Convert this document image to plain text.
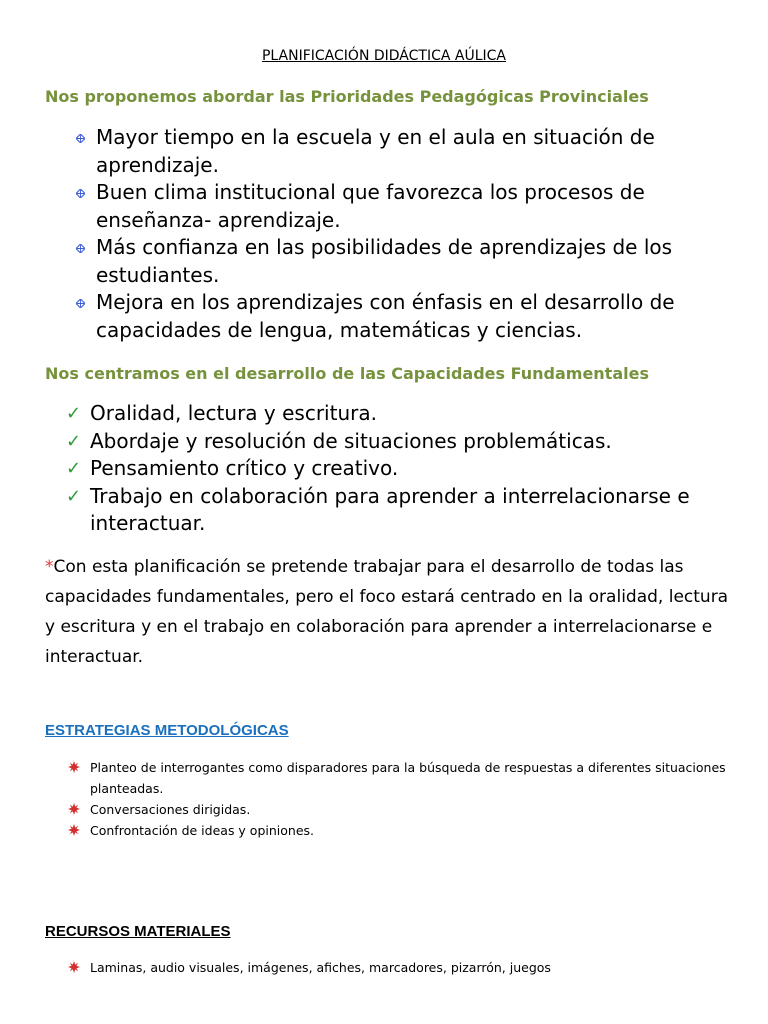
PLANIFICACIÓN DIDÁCTICA AÚLICA
Nos proponemos abordar las Prioridades Pedagógicas Provinciales
Mayor tiempo en la escuela y en el aula en situación de aprendizaje.
Buen clima institucional que favorezca los procesos de enseñanza- aprendizaje.
Más confianza en las posibilidades de aprendizajes de los estudiantes.
Mejora en los aprendizajes con énfasis en el desarrollo de capacidades de lengua, matemáticas y ciencias.
Nos centramos en el desarrollo de las Capacidades Fundamentales
✓ Oralidad, lectura y escritura.
✓ Abordaje y resolución de situaciones problemáticas.
✓ Pensamiento crítico y creativo.
✓ Trabajo en colaboración para aprender a interrelacionarse e interactuar.
*Con esta planificación se pretende trabajar para el desarrollo de todas las capacidades fundamentales, pero el foco estará centrado en la oralidad, lectura y escritura y en el trabajo en colaboración para aprender a interrelacionarse e interactuar.
ESTRATEGIAS METODOLÓGICAS
Planteo de interrogantes como disparadores para la búsqueda de respuestas a diferentes situaciones planteadas.
Conversaciones dirigidas.
Confrontación de ideas y opiniones.
RECURSOS MATERIALES
Laminas, audio visuales, imágenes, afiches, marcadores, pizarrón, juegos
